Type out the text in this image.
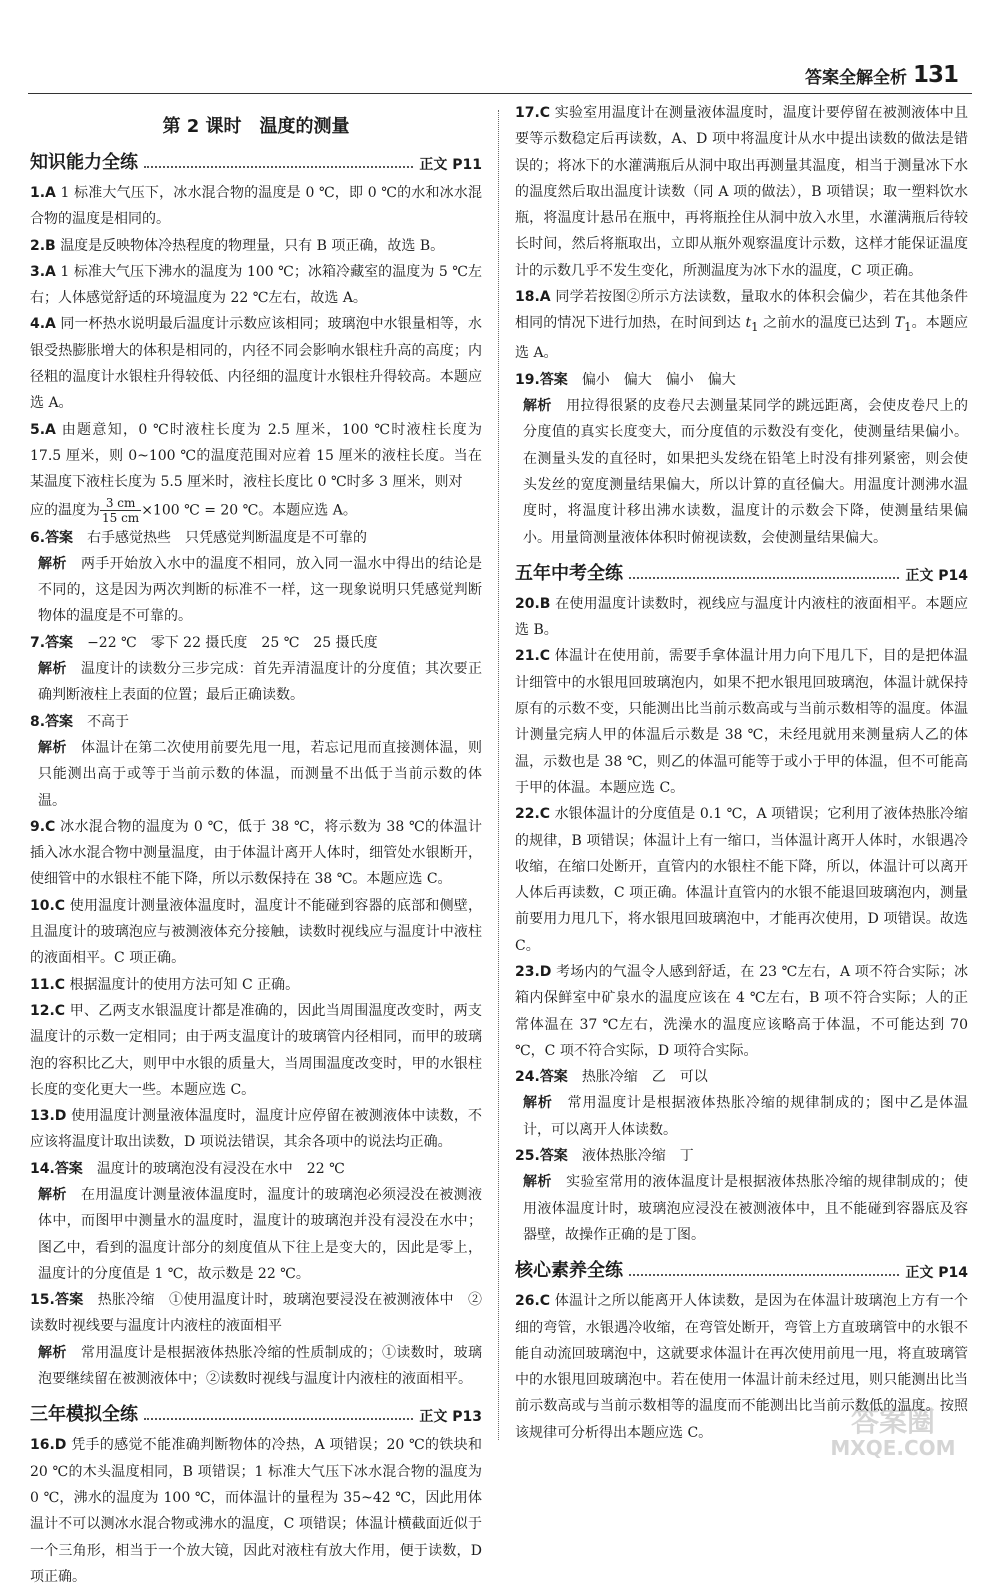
答案全解全析 131
第 2 课时　温度的测量
知识能力全练	正文 P11

1.A 1 标准大气压下，冰水混合物的温度是 0 ℃，即 0 ℃的水和冰水混合物的温度是相同的。

2.B 温度是反映物体冷热程度的物理量，只有 B 项正确，故选 B。

3.A 1 标准大气压下沸水的温度为 100 ℃；冰箱冷藏室的温度为 5 ℃左右；人体感觉舒适的环境温度为 22 ℃左右，故选 A。

4.A 同一杯热水说明最后温度计示数应该相同；玻璃泡中水银量相等，水银受热膨胀增大的体积是相同的，内径不同会影响水银柱升高的高度；内径粗的温度计水银柱升得较低、内径细的温度计水银柱升得较高。本题应选 A。

5.A 由题意知，0 ℃时液柱长度为 2.5 厘米，100 ℃时液柱长度为 17.5 厘米，则 0~100 ℃的温度范围对应着 15 厘米的液柱长度。当在某温度下液柱长度为 5.5 厘米时，液柱长度比 0 ℃时多 3 厘米，则对

应的温度为 $\frac{3 cm}{15 cm} \times 100$ ℃ = 20 ℃。本题应选 A。

6.答案　 右手感觉热些　只凭感觉判断温度是不可靠的

解析　 两手开始放入水中的温度不相同，放入同一温水中得出的结论是不同的，这是因为两次判断的标准不一样，这一现象说明只凭感觉判断物体的温度是不可靠的。

7.答案　 −22 ℃　零下 22 摄氏度　25 ℃　25 摄氏度

解析　 温度计的读数分三步完成：首先弄清温度计的分度值；其次要正确判断液柱上表面的位置；最后正确读数。

8.答案　 不高于

解析　 体温计在第二次使用前要先甩一甩，若忘记甩而直接测体温，则只能测出高于或等于当前示数的体温，而测量不出低于当前示数的体温。

9.C 冰水混合物的温度为 0 ℃，低于 38 ℃，将示数为 38 ℃的体温计插入冰水混合物中测量温度，由于体温计离开人体时，细管处水银断开，使细管中的水银柱不能下降，所以示数保持在 38 ℃。本题应选 C。

10.C 使用温度计测量液体温度时，温度计不能碰到容器的底部和侧壁，且温度计的玻璃泡应与被测液体充分接触，读数时视线应与温度计中液柱的液面相平。C 项正确。

11.C 根据温度计的使用方法可知 C 正确。

12.C 甲、乙两支水银温度计都是准确的，因此当周围温度改变时，两支温度计的示数一定相同；由于两支温度计的玻璃管内径相同，而甲的玻璃泡的容积比乙大，则甲中水银的质量大，当周围温度改变时，甲的水银柱长度的变化更大一些。本题应选 C。

13.D 使用温度计测量液体温度时，温度计应停留在被测液体中读数，不应该将温度计取出读数，D 项说法错误，其余各项中的说法均正确。

14.答案　 温度计的玻璃泡没有浸没在水中　22 ℃

解析　 在用温度计测量液体温度时，温度计的玻璃泡必须浸没在被测液体中，而图甲中测量水的温度时，温度计的玻璃泡并没有浸没在水中；图乙中，看到的温度计部分的刻度值从下往上是变大的，因此是零上，温度计的分度值是 1 ℃，故示数是 22 ℃。

15.答案　 热胀冷缩　①使用温度计时，玻璃泡要浸没在被测液体中　②读数时视线要与温度计内液柱的液面相平

解析　 常用温度计是根据液体热胀冷缩的性质制成的；①读数时，玻璃泡要继续留在被测液体中；②读数时视线与温度计内液柱的液面相平。

三年模拟全练	正文 P13

16.D 凭手的感觉不能准确判断物体的冷热，A 项错误；20 ℃的铁块和 20 ℃的木头温度相同，B 项错误；1 标准大气压下冰水混合物的温度为 0 ℃，沸水的温度为 100 ℃，而体温计的量程为 35~42 ℃，因此用体温计不可以测冰水混合物或沸水的温度，C 项错误；体温计横截面近似于一个三角形，相当于一个放大镜，因此对液柱有放大作用，便于读数，D 项正确。

17.C 实验室用温度计在测量液体温度时，温度计要停留在被测液体中且要等示数稳定后再读数，A、D 项中将温度计从水中提出读数的做法是错误的；将冰下的水灌满瓶后从洞中取出再测量其温度，相当于测量冰下水的温度然后取出温度计读数（同 A 项的做法），B 项错误；取一塑料饮水瓶，将温度计悬吊在瓶中，再将瓶拴住从洞中放入水里，水灌满瓶后待较长时间，然后将瓶取出，立即从瓶外观察温度计示数，这样才能保证温度计的示数几乎不发生变化，所测温度为冰下水的温度，C 项正确。

18.A 同学若按图②所示方法读数，量取水的体积会偏少，若在其他条件相同的情况下进行加热，在时间到达 $t_1$ 之前水的温度已达到 $T_1$。本题应选 A。

19.答案　 偏小　偏大　偏小　偏大

解析　 用拉得很紧的皮卷尺去测量某同学的跳远距离，会使皮卷尺上的分度值的真实长度变大，而分度值的示数没有变化，使测量结果偏小。在测量头发的直径时，如果把头发绕在铅笔上时没有排列紧密，则会使头发丝的宽度测量结果偏大，所以计算的直径偏大。用温度计测沸水温度时，将温度计移出沸水读数，温度计的示数会下降，使测量结果偏小。用量筒测量液体体积时俯视读数，会使测量结果偏大。

五年中考全练	正文 P14

20.B 在使用温度计读数时，视线应与温度计内液柱的液面相平。本题应选 B。

21.C 体温计在使用前，需要手拿体温计用力向下甩几下，目的是把体温计细管中的水银甩回玻璃泡内，如果不把水银甩回玻璃泡，体温计就保持原有的示数不变，只能测出比当前示数高或与当前示数相等的温度。体温计测量完病人甲的体温后示数是 38 ℃，未经甩就用来测量病人乙的体温，示数也是 38 ℃，则乙的体温可能等于或小于甲的体温，但不可能高于甲的体温。本题应选 C。

22.C 水银体温计的分度值是 0.1 ℃，A 项错误；它利用了液体热胀冷缩的规律，B 项错误；体温计上有一缩口，当体温计离开人体时，水银遇冷收缩，在缩口处断开，直管内的水银柱不能下降，所以，体温计可以离开人体后再读数，C 项正确。体温计直管内的水银不能退回玻璃泡内，测量前要用力甩几下，将水银甩回玻璃泡中，才能再次使用，D 项错误。故选 C。

23.D 考场内的气温令人感到舒适，在 23 ℃左右，A 项不符合实际；冰箱内保鲜室中矿泉水的温度应该在 4 ℃左右，B 项不符合实际；人的正常体温在 37 ℃左右，洗澡水的温度应该略高于体温，不可能达到 70 ℃，C 项不符合实际，D 项符合实际。

24.答案　 热胀冷缩　乙　可以

解析　 常用温度计是根据液体热胀冷缩的规律制成的；图中乙是体温计，可以离开人体读数。

25.答案　 液体热胀冷缩　丁

解析　 实验室常用的液体温度计是根据液体热胀冷缩的规律制成的；使用液体温度计时，玻璃泡应浸没在被测液体中，且不能碰到容器底及容器壁，故操作正确的是丁图。

核心素养全练	正文 P14

26.C 体温计之所以能离开人体读数，是因为在体温计玻璃泡上方有一个细的弯管，水银遇冷收缩，在弯管处断开，弯管上方直玻璃管中的水银不能自动流回玻璃泡中，这就要求体温计在再次使用前甩一甩，将直玻璃管中的水银甩回玻璃泡中。若在使用一体温计前未经过甩，则只能测出比当前示数高或与当前示数相等的温度而不能测出比当前示数低的温度。按照该规律可分析得出本题应选 C。	答案圈
MXQE.COM
